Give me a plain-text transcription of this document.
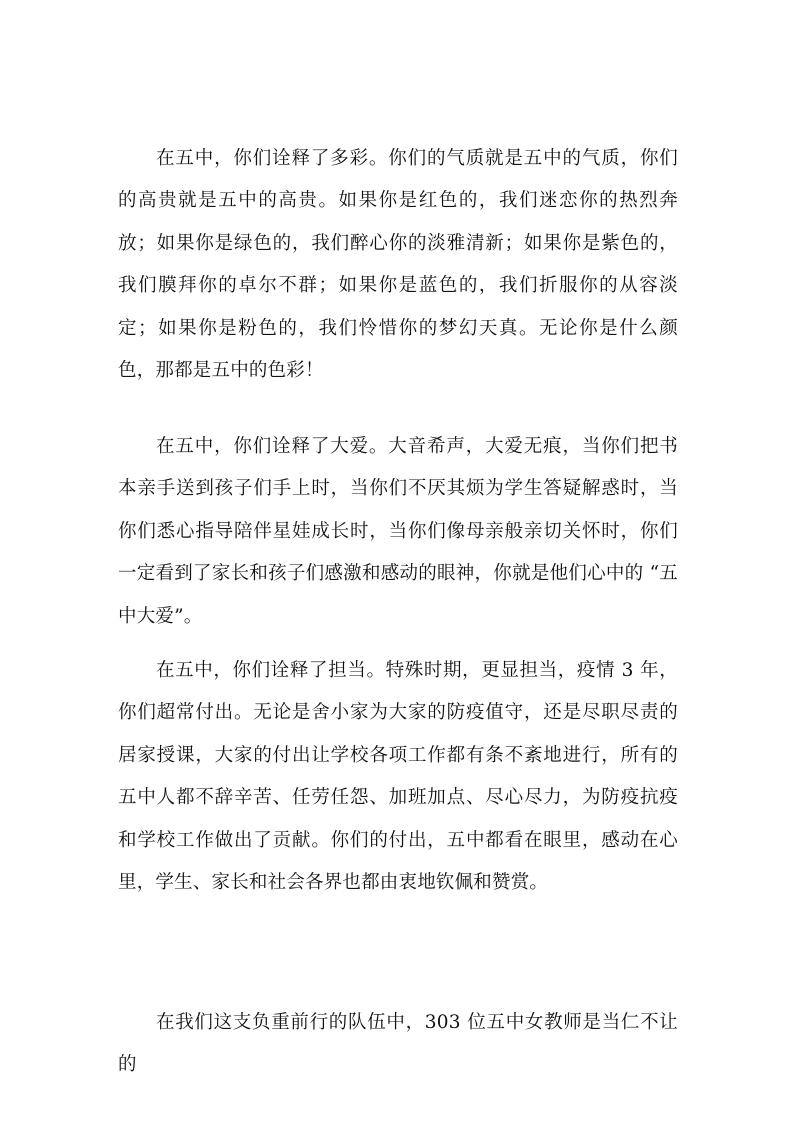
在五中，你们诠释了多彩。你们的气质就是五中的气质，你们的高贵就是五中的高贵。如果你是红色的，我们迷恋你的热烈奔放；如果你是绿色的，我们醉心你的淡雅清新；如果你是紫色的，我们膜拜你的卓尔不群；如果你是蓝色的，我们折服你的从容淡定；如果你是粉色的，我们怜惜你的梦幻天真。无论你是什么颜色，那都是五中的色彩！

在五中，你们诠释了大爱。大音希声，大爱无痕，当你们把书本亲手送到孩子们手上时，当你们不厌其烦为学生答疑解惑时，当你们悉心指导陪伴星娃成长时，当你们像母亲般亲切关怀时，你们一定看到了家长和孩子们感激和感动的眼神，你就是他们心中的 “五中大爱”。

在五中，你们诠释了担当。特殊时期，更显担当，疫情 3 年，你们超常付出。无论是舍小家为大家的防疫值守，还是尽职尽责的居家授课，大家的付出让学校各项工作都有条不紊地进行，所有的五中人都不辞辛苦、任劳任怨、加班加点、尽心尽力，为防疫抗疫和学校工作做出了贡献。你们的付出，五中都看在眼里，感动在心里，学生、家长和社会各界也都由衷地钦佩和赞赏。

在我们这支负重前行的队伍中，303 位五中女教师是当仁不让的
